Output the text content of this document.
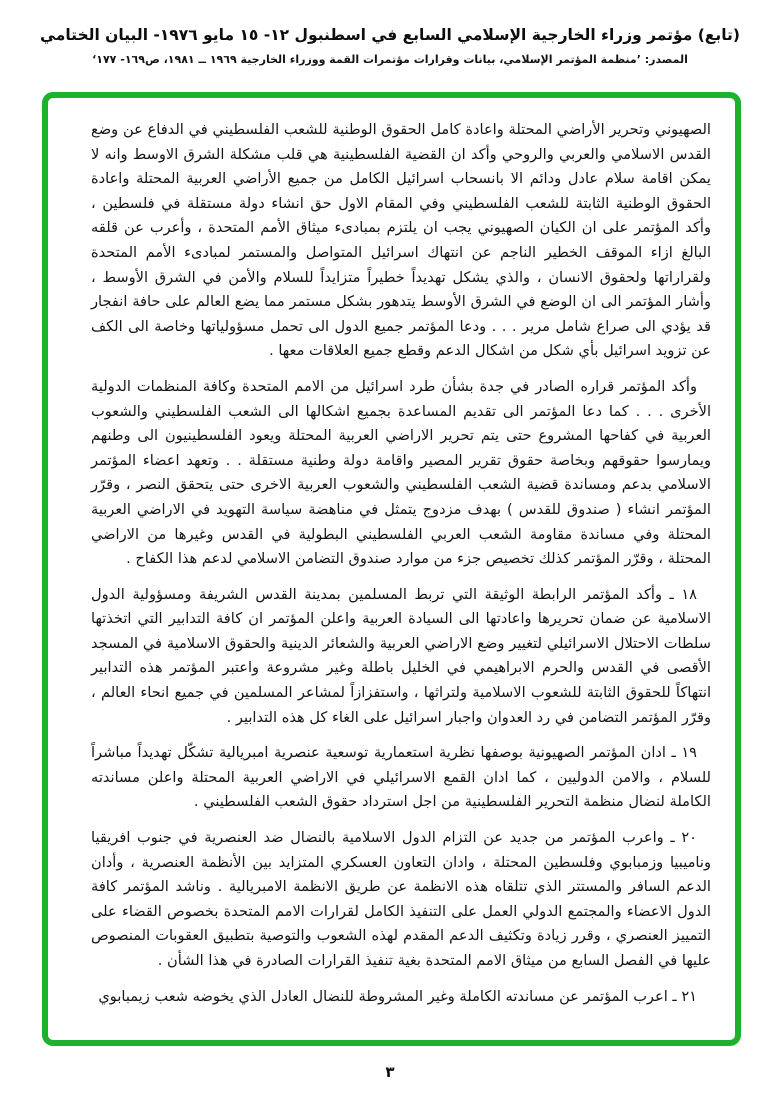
(تابع) مؤتمر وزراء الخارجية الإسلامي السابع في اسطنبول ١٢- ١٥ مايو ١٩٧٦- البيان الختامي
المصدر: ’منظمة المؤتمر الإسلامي، بيانات وقرارات مؤتمرات القمة ووزراء الخارجية ١٩٦٩ ــ ١٩٨١، ص١٦٩- ١٧٧‘

الصهيوني وتحرير الأراضي المحتلة واعادة كامل الحقوق الوطنية للشعب الفلسطيني في الدفاع عن وضع القدس الاسلامي والعربي والروحي وأكد ان القضية الفلسطينية هي قلب مشكلة الشرق الاوسط وانه لا يمكن اقامة سلام عادل ودائم الا بانسحاب اسرائيل الكامل من جميع الأراضي العربية المحتلة واعادة الحقوق الوطنية الثابتة للشعب الفلسطيني وفي المقام الاول حق انشاء دولة مستقلة في فلسطين ، وأكد المؤتمر على ان الكيان الصهيوني يجب ان يلتزم بمبادىء ميثاق الأمم المتحدة ، وأعرب عن قلقه البالغ ازاء الموقف الخطير الناجم عن انتهاك اسرائيل المتواصل والمستمر لمبادىء الأمم المتحدة ولقراراتها ولحقوق الانسان ، والذي يشكل تهديداً خطيراً متزايداً للسلام والأمن في الشرق الأوسط ، وأشار المؤتمر الى ان الوضع في الشرق الأوسط يتدهور بشكل مستمر مما يضع العالم على حافة انفجار قد يؤدي الى صراع شامل مرير . . . ودعا المؤتمر جميع الدول الى تحمل مسؤولياتها وخاصة الى الكف عن تزويد اسرائيل بأي شكل من اشكال الدعم وقطع جميع العلاقات معها .

وأكد المؤتمر قراره الصادر في جدة بشأن طرد اسرائيل من الامم المتحدة وكافة المنظمات الدولية الأخرى . . . كما دعا المؤتمر الى تقديم المساعدة بجميع اشكالها الى الشعب الفلسطيني والشعوب العربية في كفاحها المشروع حتى يتم تحرير الاراضي العربية المحتلة ويعود الفلسطينيون الى وطنهم ويمارسوا حقوقهم وبخاصة حقوق تقرير المصير واقامة دولة وطنية مستقلة . . وتعهد اعضاء المؤتمر الاسلامي بدعم ومساندة قضية الشعب الفلسطيني والشعوب العربية الاخرى حتى يتحقق النصر ، وقرّر المؤتمر انشاء ( صندوق للقدس ) بهدف مزدوج يتمثل في مناهضة سياسة التهويد في الاراضي العربية المحتلة وفي مساندة مقاومة الشعب العربي الفلسطيني البطولية في القدس وغيرها من الاراضي المحتلة ، وقرّر المؤتمر كذلك تخصيص جزء من موارد صندوق التضامن الاسلامي لدعم هذا الكفاح .

١٨ ـ وأكد المؤتمر الرابطة الوثيقة التي تربط المسلمين بمدينة القدس الشريفة ومسؤولية الدول الاسلامية عن ضمان تحريرها واعادتها الى السيادة العربية واعلن المؤتمر ان كافة التدابير التي اتخذتها سلطات الاحتلال الاسرائيلي لتغيير وضع الاراضي العربية والشعائر الدينية والحقوق الاسلامية في المسجد الأقصى في القدس والحرم الابراهيمي في الخليل باطلة وغير مشروعة واعتبر المؤتمر هذه التدابير انتهاكاً للحقوق الثابتة للشعوب الاسلامية ولتراثها ، واستفزازاً لمشاعر المسلمين في جميع انحاء العالم ، وقرّر المؤتمر التضامن في رد العدوان واجبار اسرائيل على الغاء كل هذه التدابير .

١٩ ـ ادان المؤتمر الصهيونية بوصفها نظرية استعمارية توسعية عنصرية امبريالية تشكّل تهديداً مباشراً للسلام ، والامن الدوليين ، كما ادان القمع الاسرائيلي في الاراضي العربية المحتلة واعلن مساندته الكاملة لنضال منظمة التحرير الفلسطينية من اجل استرداد حقوق الشعب الفلسطيني .

٢٠ ـ واعرب المؤتمر من جديد عن التزام الدول الاسلامية بالنضال ضد العنصرية في جنوب افريقيا وناميبيا وزمبابوي وفلسطين المحتلة ، وادان التعاون العسكري المتزايد بين الأنظمة العنصرية ، وأدان الدعم السافر والمستتر الذي تتلقاه هذه الانظمة عن طريق الانظمة الامبريالية . وناشد المؤتمر كافة الدول الاعضاء والمجتمع الدولي العمل على التنفيذ الكامل لقرارات الامم المتحدة بخصوص القضاء على التمييز العنصري ، وقرر زيادة وتكثيف الدعم المقدم لهذه الشعوب والتوصية بتطبيق العقوبات المنصوص عليها في الفصل السابع من ميثاق الامم المتحدة بغية تنفيذ القرارات الصادرة في هذا الشأن .

٢١ ـ اعرب المؤتمر عن مساندته الكاملة وغير المشروطة للنضال العادل الذي يخوضه شعب زيمبابوي

٣
